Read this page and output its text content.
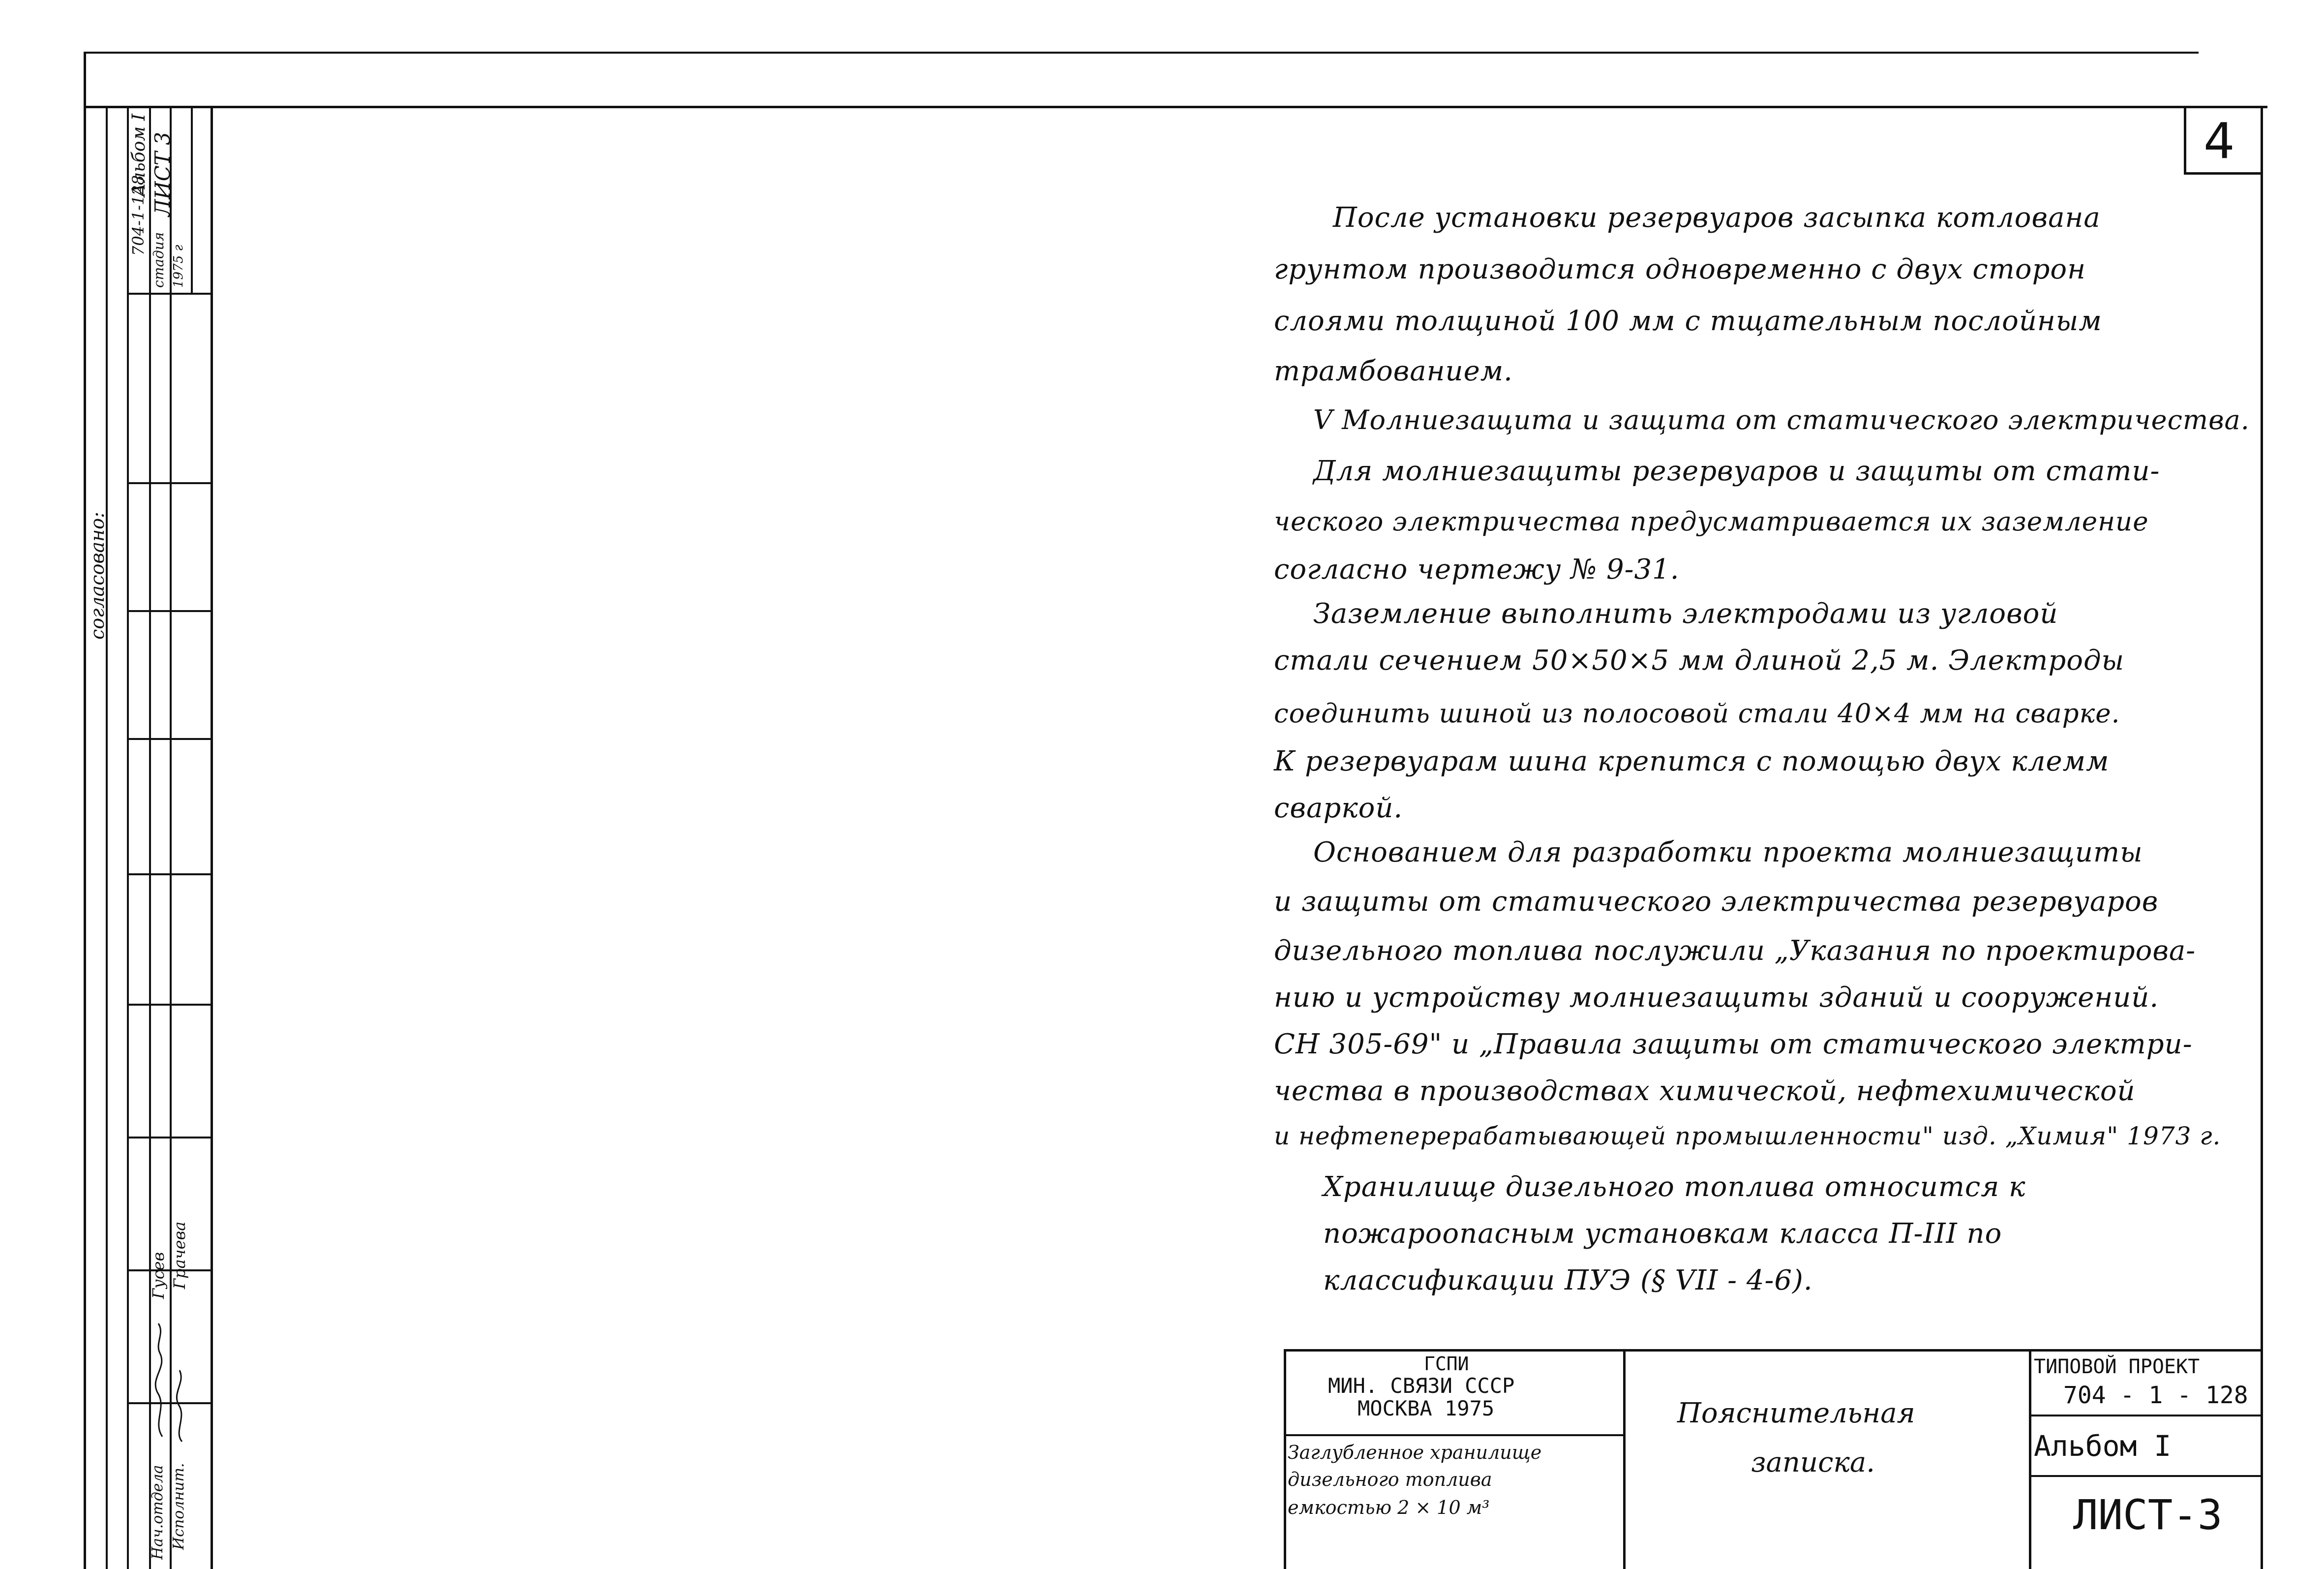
704-1-128
Альбом I ЛИСТ 3
стадия 1975 г
согласовано:
Нач.отдела
Гусев
Исполнит.
Грачева
4
После установки резервуаров засыпка котлована
грунтом производится одновременно с двух сторон
слоями толщиной 100 мм с тщательным послойным
трамбованием.
V Молниезащита и защита от статического электричества.
Для молниезащиты резервуаров и защиты от стати-
ческого электричества предусматривается их заземление
согласно чертежу № 9-31.
Заземление выполнить электродами из угловой
стали сечением 50×50×5 мм длиной 2,5 м. Электроды
соединить шиной из полосовой стали 40×4 мм на сварке.
К резервуарам шина крепится с помощью двух клемм
сваркой.
Основанием для разработки проекта молниезащиты
и защиты от статического электричества резервуаров
дизельного топлива послужили „Указания по проектирова-
нию и устройству молниезащиты зданий и сооружений.
СН 305-69" и „Правила защиты от статического электри-
чества в производствах химической, нефтехимической
и нефтеперерабатывающей промышленности" изд. „Химия" 1973 г.
Хранилище дизельного топлива относится к
пожароопасным установкам класса П-III по
классификации ПУЭ (§ VII - 4-6).
ГСПИ
МИН. СВЯЗИ СССР
МОСКВА 1975
Заглубленное хранилище
дизельного топлива
емкостью 2 × 10 м³
Пояснительная
записка.
ТИПОВОЙ ПРОЕКТ
704 - 1 - 128
Альбом I
ЛИСТ-3
